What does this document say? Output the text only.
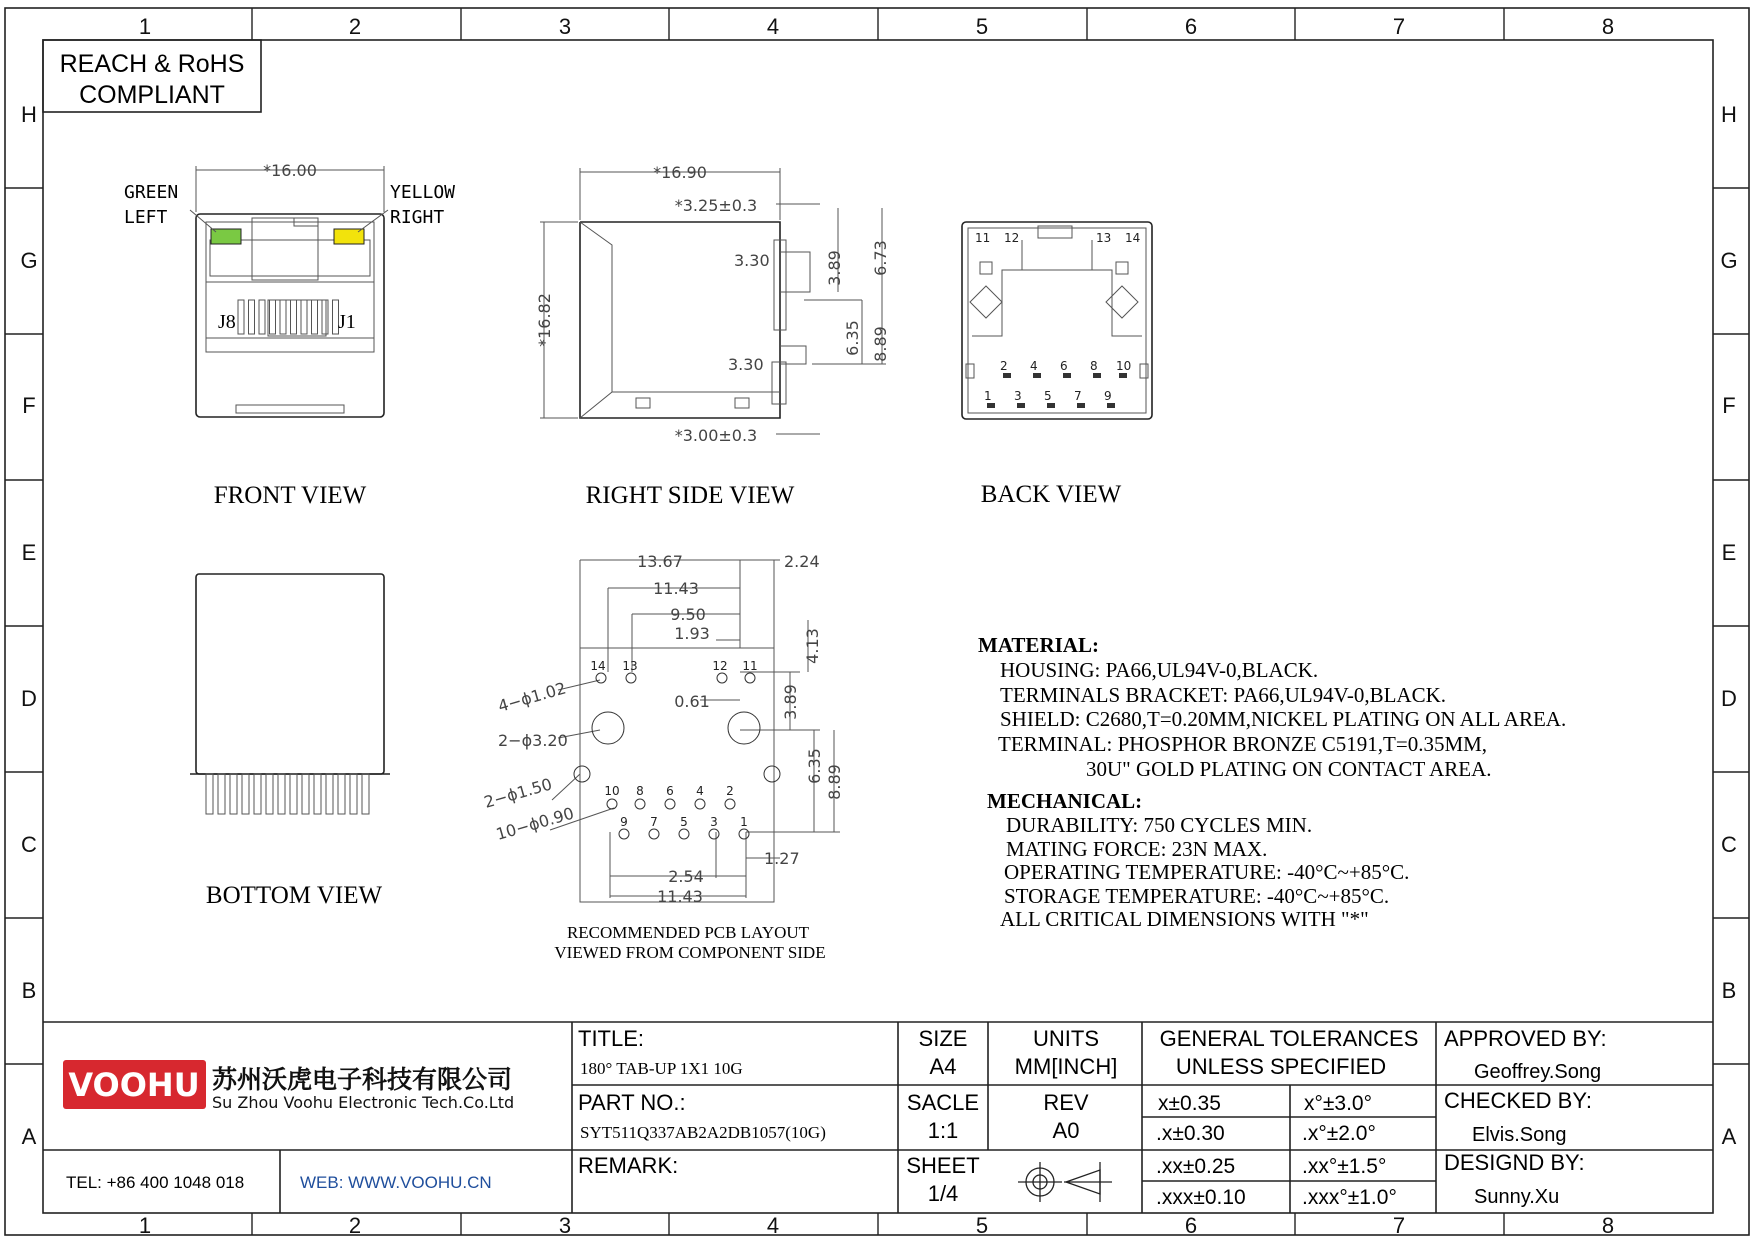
1	2	3	4	5	6	7	8
1	2	3	4	5	6	7	8
H
G
F
E
D
C
B
A
H
G
F
E
D
C
B
A
REACH & RoHS
COMPLIANT
J8	J1
*16.00
GREEN
LEFT
YELLOW
RIGHT
FRONT VIEW
*16.90
*3.25±0.3
*3.00±0.3
*16.82
3.30
3.30
3.89 6.73
6.35 8.89
RIGHT SIDE VIEW
11 12	13 14
2 4 6 8 10
1 3 5 7 9
BACK VIEW
BOTTOM VIEW
13.67	2.24
11.43
9.50
1.93	4.13
0.61	3.89
6.35 8.89
1.27
2.54
11.43
4−ϕ1.02
2−ϕ3.20
2−ϕ1.50
10−ϕ0.90
14 13	12 11
10 8 6 4 2
9 7 5 3 1
RECOMMENDED PCB LAYOUT
VIEWED FROM COMPONENT SIDE
MATERIAL:
HOUSING: PA66,UL94V-0,BLACK.
TERMINALS BRACKET: PA66,UL94V-0,BLACK.
SHIELD: C2680,T=0.20MM,NICKEL PLATING ON ALL AREA.
TERMINAL: PHOSPHOR BRONZE C5191,T=0.35MM,
30U" GOLD PLATING ON CONTACT AREA.
MECHANICAL:
DURABILITY: 750 CYCLES MIN.
MATING FORCE: 23N MAX.
OPERATING TEMPERATURE: -40°C~+85°C.
STORAGE TEMPERATURE: -40°C~+85°C.
ALL CRITICAL DIMENSIONS WITH "*"
VOOHU 苏州沃虎电子科技有限公司
Su Zhou Voohu Electronic Tech.Co.Ltd
TEL: +86 400 1048 018	WEB: WWW.VOOHU.CN
TITLE:
180° TAB-UP 1X1 10G
PART NO.:
SYT511Q337AB2A2DB1057(10G)
REMARK:
SIZE
A4
UNITS
MM[INCH]
SACLE
1:1
REV
A0
SHEET
1/4
GENERAL TOLERANCES
UNLESS SPECIFIED
x±0.35	x°±3.0°
.x±0.30	.x°±2.0°
.xx±0.25	.xx°±1.5°
.xxx±0.10	.xxx°±1.0°
APPROVED BY:
Geoffrey.Song
CHECKED BY:
Elvis.Song
DESIGND BY:
Sunny.Xu
